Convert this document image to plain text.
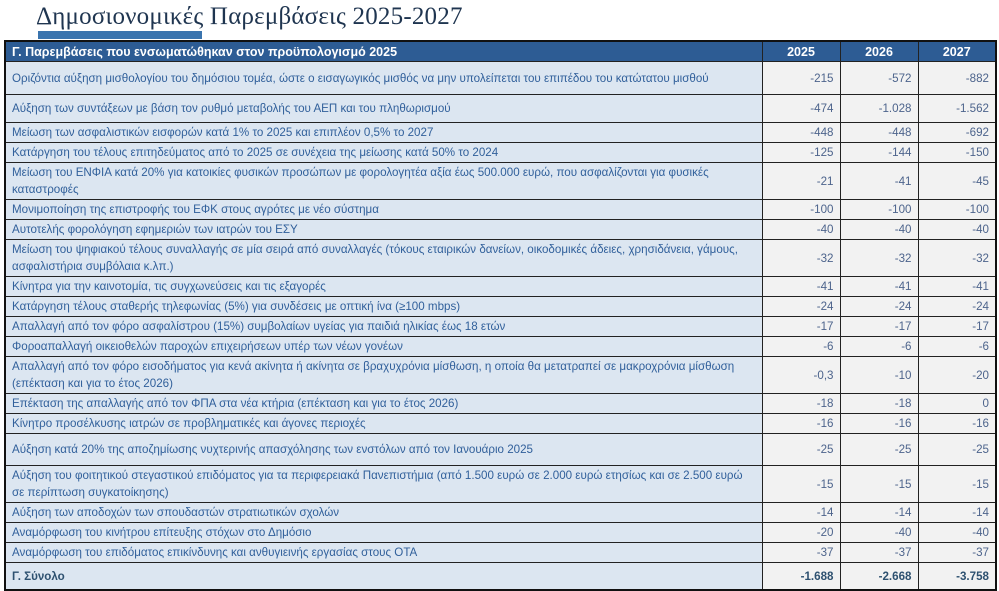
Δημοσιονομικές Παρεμβάσεις 2025-2027
Γ. Παρεμβάσεις που ενσωματώθηκαν στον προϋπολογισμό 2025	2025	2026	2027
Οριζόντια αύξηση μισθολογίου του δημόσιου τομέα, ώστε ο εισαγωγικός μισθός να μην υπολείπεται του επιπέδου του κατώτατου μισθού	-215	-572	-882
Αύξηση των συντάξεων με βάση τον ρυθμό μεταβολής του ΑΕΠ και του πληθωρισμού	-474	-1.028	-1.562
Μείωση των ασφαλιστικών εισφορών κατά 1% το 2025 και επιπλέον 0,5% το 2027	-448	-448	-692
Κατάργηση του τέλους επιτηδεύματος από το 2025 σε συνέχεια της μείωσης κατά 50% το 2024	-125	-144	-150
Μείωση του ΕΝΦΙΑ κατά 20% για κατοικίες φυσικών προσώπων με φορολογητέα αξία έως 500.000 ευρώ, που ασφαλίζονται για φυσικές καταστροφές	-21	-41	-45
Μονιμοποίηση της επιστροφής του ΕΦΚ στους αγρότες με νέο σύστημα	-100	-100	-100
Αυτοτελής φορολόγηση εφημεριών των ιατρών του ΕΣΥ	-40	-40	-40
Μείωση του ψηφιακού τέλους συναλλαγής σε μία σειρά από συναλλαγές (τόκους εταιρικών δανείων, οικοδομικές άδειες, χρησιδάνεια, γάμους, ασφαλιστήρια συμβόλαια κ.λπ.)	-32	-32	-32
Κίνητρα για την καινοτομία, τις συγχωνεύσεις και τις εξαγορές	-41	-41	-41
Κατάργηση τέλους σταθερής τηλεφωνίας (5%) για συνδέσεις με οπτική ίνα (≥100 mbps)	-24	-24	-24
Απαλλαγή από τον φόρο ασφαλίστρου (15%) συμβολαίων υγείας για παιδιά ηλικίας έως 18 ετών	-17	-17	-17
Φοροαπαλλαγή οικειοθελών παροχών επιχειρήσεων υπέρ των νέων γονέων	-6	-6	-6
Απαλλαγή από τον φόρο εισοδήματος για κενά ακίνητα ή ακίνητα σε βραχυχρόνια μίσθωση, η οποία θα μετατραπεί σε μακροχρόνια μίσθωση (επέκταση και για το έτος 2026)	-0,3	-10	-20
Επέκταση της απαλλαγής από τον ΦΠΑ στα νέα κτήρια (επέκταση και για το έτος 2026)	-18	-18	0
Κίνητρο προσέλκυσης ιατρών σε προβληματικές και άγονες περιοχές	-16	-16	-16
Αύξηση κατά 20% της αποζημίωσης νυχτερινής απασχόλησης των ενστόλων από τον Ιανουάριο 2025	-25	-25	-25
Αύξηση του φοιτητικού στεγαστικού επιδόματος για τα περιφερειακά Πανεπιστήμια (από 1.500 ευρώ σε 2.000 ευρώ ετησίως και σε 2.500 ευρώ σε περίπτωση συγκατοίκησης)	-15	-15	-15
Αύξηση των αποδοχών των σπουδαστών στρατιωτικών σχολών	-14	-14	-14
Αναμόρφωση του κινήτρου επίτευξης στόχων στο Δημόσιο	-20	-40	-40
Αναμόρφωση του επιδόματος επικίνδυνης και ανθυγιεινής εργασίας στους ΟΤΑ	-37	-37	-37
Γ. Σύνολο	-1.688	-2.668	-3.758
